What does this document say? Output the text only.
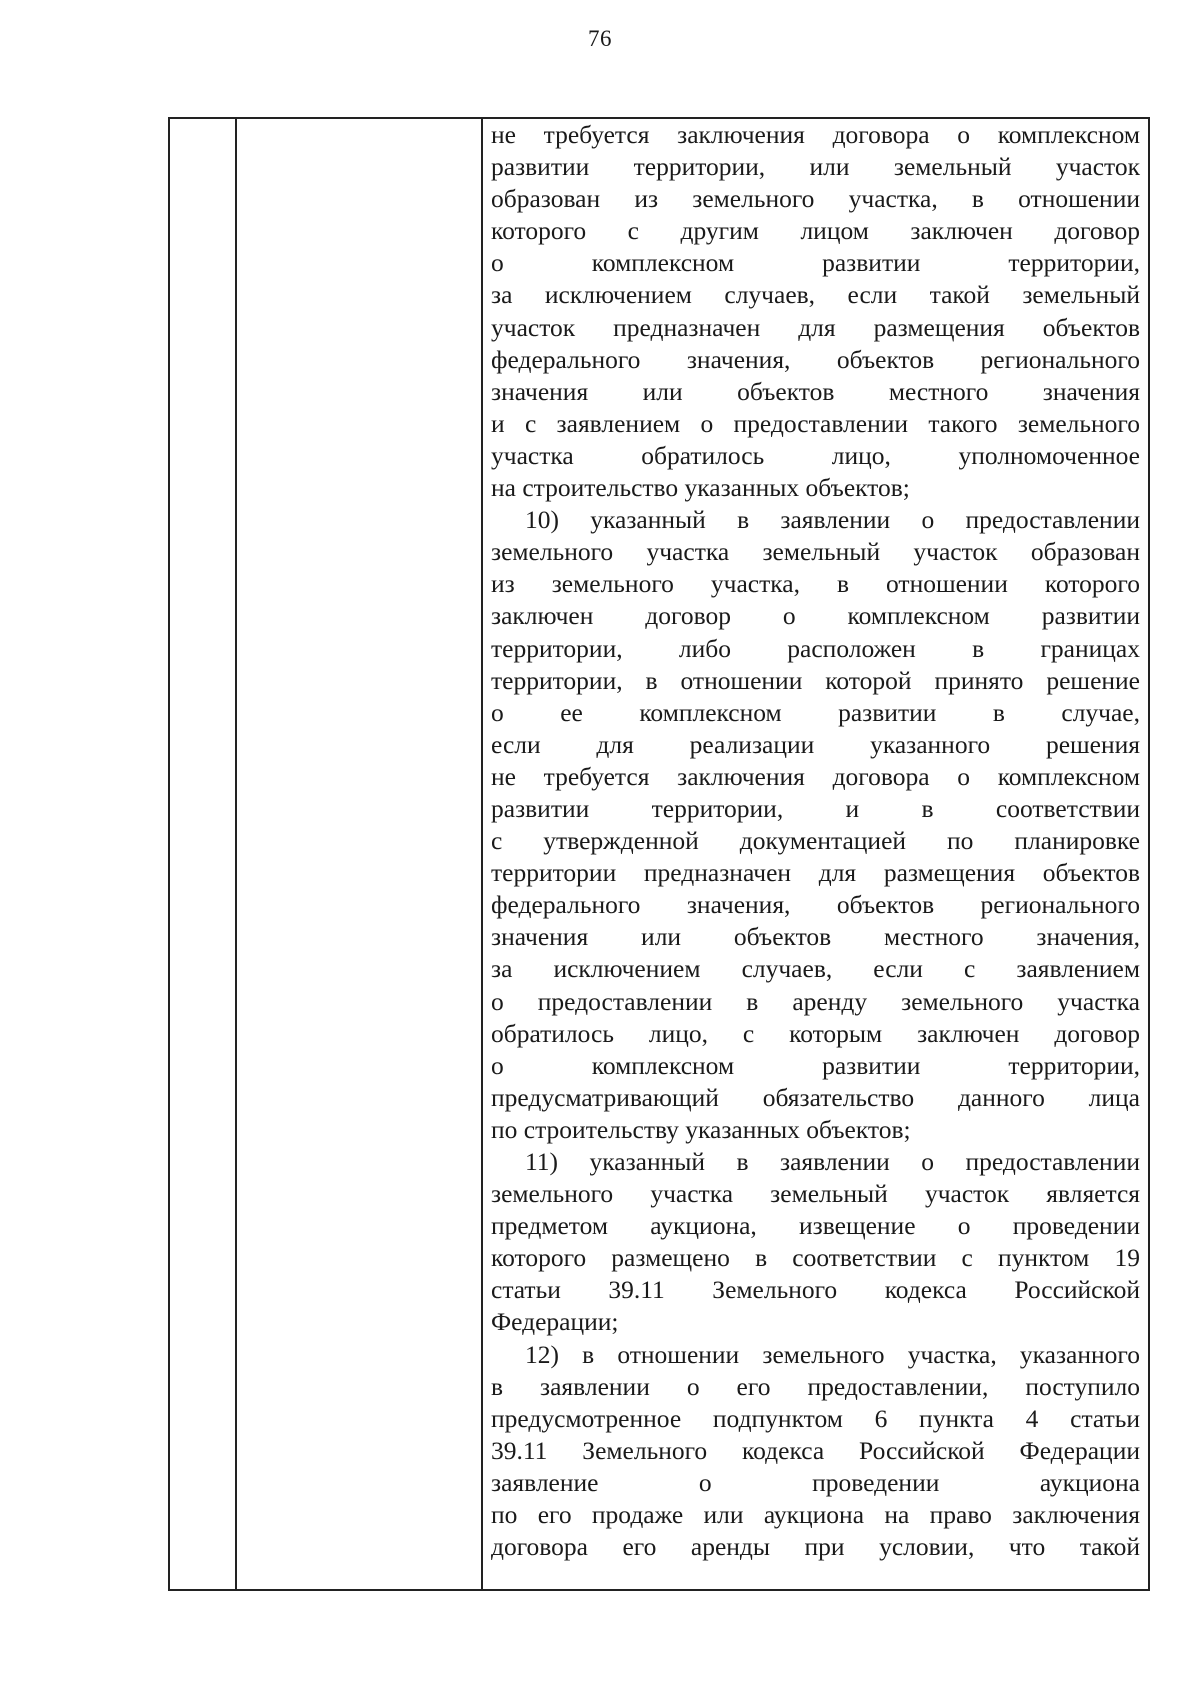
76
не требуется заключения договора о комплексном
развитии территории, или земельный участок
образован из земельного участка, в отношении
которого с другим лицом заключен договор
о комплексном развитии территории,
за исключением случаев, если такой земельный
участок предназначен для размещения объектов
федерального значения, объектов регионального
значения или объектов местного значения
и с заявлением о предоставлении такого земельного
участка обратилось лицо, уполномоченное
на строительство указанных объектов;
10) указанный в заявлении о предоставлении
земельного участка земельный участок образован
из земельного участка, в отношении которого
заключен договор о комплексном развитии
территории, либо расположен в границах
территории, в отношении которой принято решение
о ее комплексном развитии в случае,
если для реализации указанного решения
не требуется заключения договора о комплексном
развитии территории, и в соответствии
с утвержденной документацией по планировке
территории предназначен для размещения объектов
федерального значения, объектов регионального
значения или объектов местного значения,
за исключением случаев, если с заявлением
о предоставлении в аренду земельного участка
обратилось лицо, с которым заключен договор
о комплексном развитии территории,
предусматривающий обязательство данного лица
по строительству указанных объектов;
11) указанный в заявлении о предоставлении
земельного участка земельный участок является
предметом аукциона, извещение о проведении
которого размещено в соответствии с пунктом 19
статьи 39.11 Земельного кодекса Российской
Федерации;
12) в отношении земельного участка, указанного
в заявлении о его предоставлении, поступило
предусмотренное подпунктом 6 пункта 4 статьи
39.11 Земельного кодекса Российской Федерации
заявление о проведении аукциона
по его продаже или аукциона на право заключения
договора его аренды при условии, что такой
